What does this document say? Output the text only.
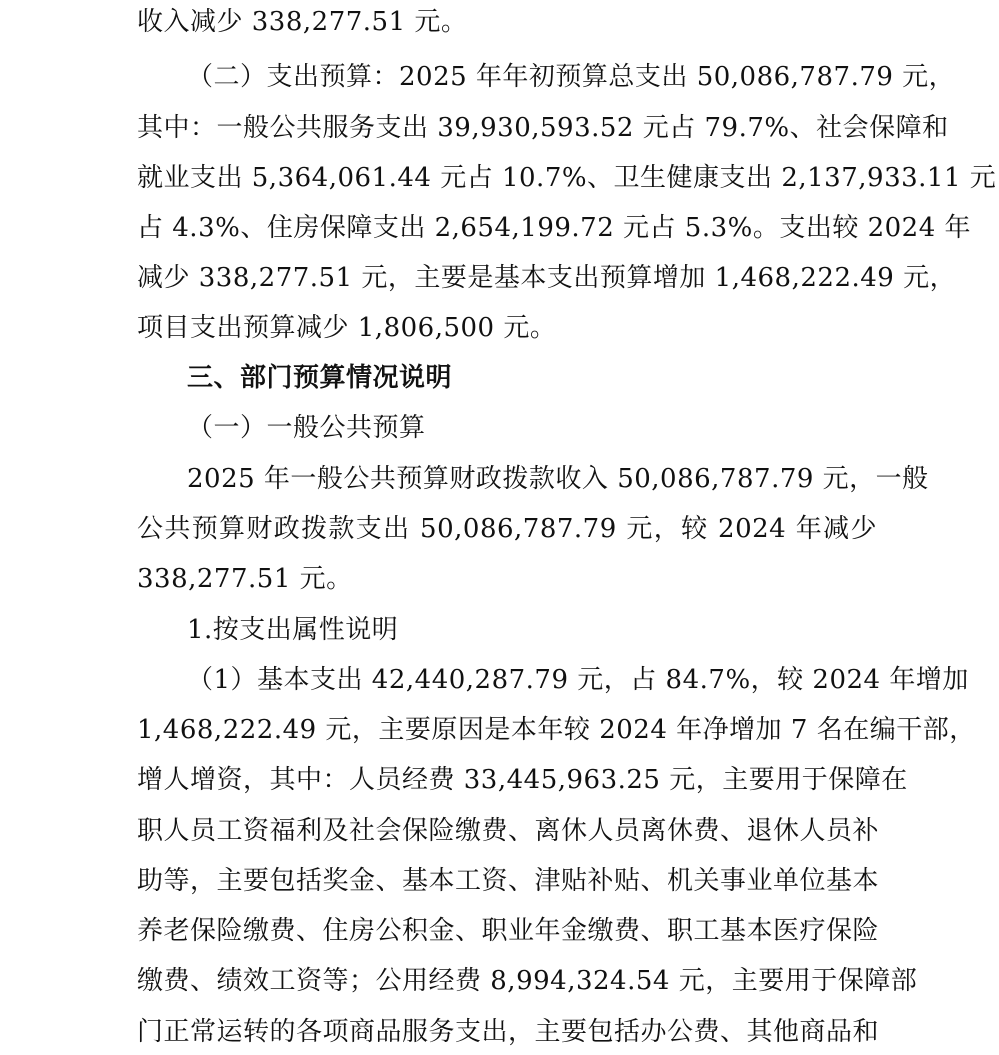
收入减少 338,277.51 元。
（二）支出预算：2025 年年初预算总支出 50,086,787.79 元，
其中：一般公共服务支出 39,930,593.52 元占 79.7%、社会保障和
就业支出 5,364,061.44 元占 10.7%、卫生健康支出 2,137,933.11 元
占 4.3%、住房保障支出 2,654,199.72 元占 5.3%。支出较 2024 年
减少 338,277.51 元，主要是基本支出预算增加 1,468,222.49 元，
项目支出预算减少 1,806,500 元。
三、部门预算情况说明
（一）一般公共预算
2025 年一般公共预算财政拨款收入 50,086,787.79 元，一般
公共预算财政拨款支出 50,086,787.79 元，较 2024 年减少
338,277.51 元。
1.按支出属性说明
（1）基本支出 42,440,287.79 元，占 84.7%，较 2024 年增加
1,468,222.49 元，主要原因是本年较 2024 年净增加 7 名在编干部，
增人增资，其中：人员经费 33,445,963.25 元，主要用于保障在
职人员工资福利及社会保险缴费、离休人员离休费、退休人员补
助等，主要包括奖金、基本工资、津贴补贴、机关事业单位基本
养老保险缴费、住房公积金、职业年金缴费、职工基本医疗保险
缴费、绩效工资等；公用经费 8,994,324.54 元，主要用于保障部
门正常运转的各项商品服务支出，主要包括办公费、其他商品和
